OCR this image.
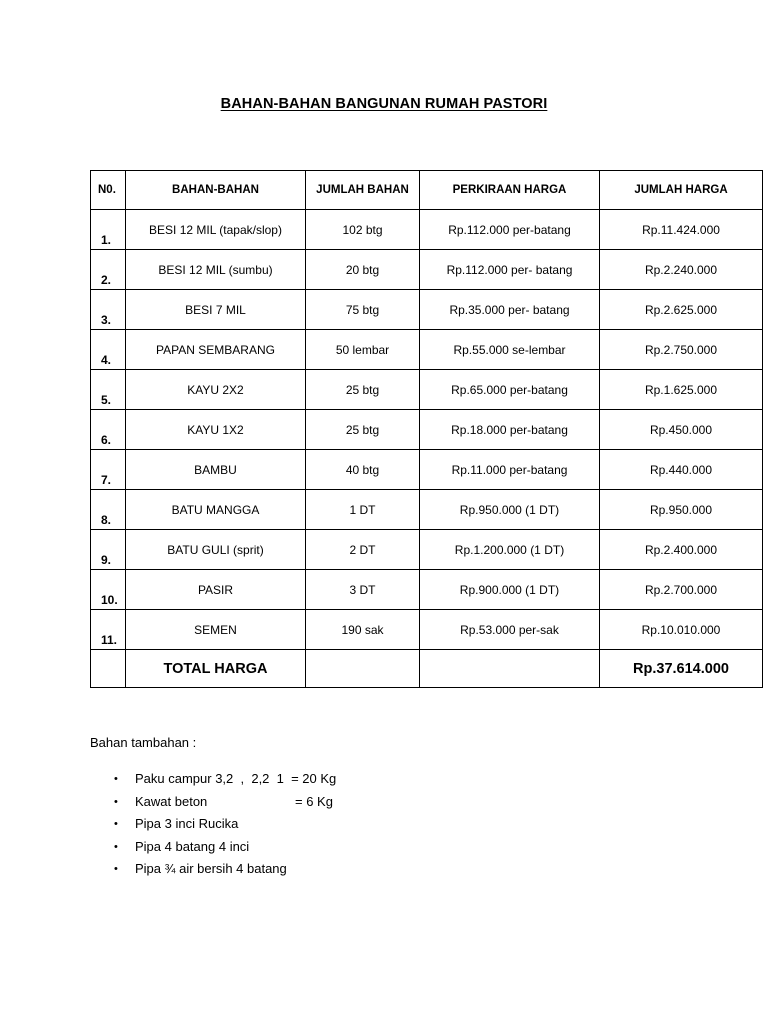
BAHAN-BAHAN BANGUNAN RUMAH PASTORI
N0.	BAHAN-BAHAN	JUMLAH BAHAN	PERKIRAAN HARGA	JUMLAH HARGA
1.	BESI 12 MIL (tapak/slop)	102 btg	Rp.112.000 per-batang	Rp.11.424.000
2.	BESI 12 MIL (sumbu)	20 btg	Rp.112.000 per- batang	Rp.2.240.000
3.	BESI 7 MIL	75 btg	Rp.35.000 per- batang	Rp.2.625.000
4.	PAPAN SEMBARANG	50 lembar	Rp.55.000 se-lembar	Rp.2.750.000
5.	KAYU 2X2	25 btg	Rp.65.000 per-batang	Rp.1.625.000
6.	KAYU 1X2	25 btg	Rp.18.000 per-batang	Rp.450.000
7.	BAMBU	40 btg	Rp.11.000 per-batang	Rp.440.000
8.	BATU MANGGA	1 DT	Rp.950.000 (1 DT)	Rp.950.000
9.	BATU GULI (sprit)	2 DT	Rp.1.200.000 (1 DT)	Rp.2.400.000
10.	PASIR	3 DT	Rp.900.000 (1 DT)	Rp.2.700.000
11.	SEMEN	190 sak	Rp.53.000 per-sak	Rp.10.010.000
	TOTAL HARGA			Rp.37.614.000
Bahan tambahan :
• Paku campur 3,2  ,  2,2  1  = 20 Kg
• Kawat beton	= 6 Kg
• Pipa 3 inci Rucika
• Pipa 4 batang 4 inci
• Pipa ¾ air bersih 4 batang
